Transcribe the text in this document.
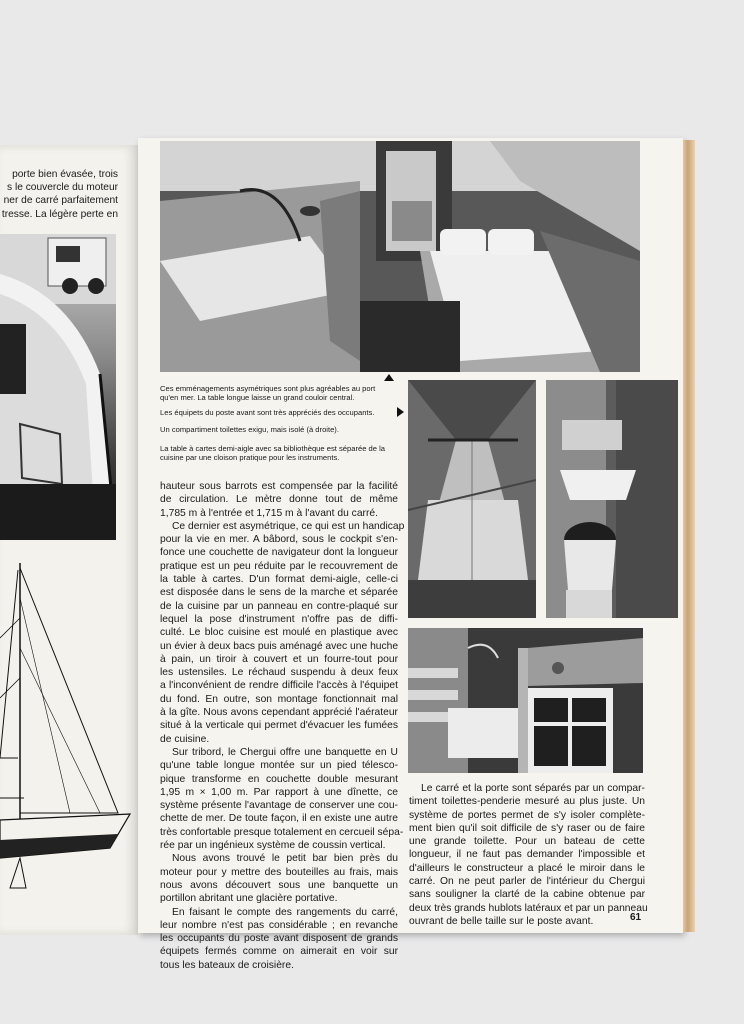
porte bien évasée, trois
s le couvercle du moteur
ner de carré parfaitement
tresse. La légère perte en
Ces emménagements asymétriques sont plus agréables au port qu'en mer. La table longue laisse un grand couloir central.
Les équipets du poste avant sont très appréciés des occupants.
Un compartiment toilettes exigu, mais isolé (à droite).
La table à cartes demi-aigle avec sa bibliothèque est séparée de la cuisine par une cloison pratique pour les instruments.

hauteur sous barrots est compensée par la facilité
de circulation. Le mètre donne tout de même
1,785 m à l'entrée et 1,715 m à l'avant du carré.

Ce dernier est asymétrique, ce qui est un handicap
pour la vie en mer. A bâbord, sous le cockpit s'en-
fonce une couchette de navigateur dont la longueur
pratique est un peu réduite par le recouvrement de
la table à cartes. D'un format demi-aigle, celle-ci
est disposée dans le sens de la marche et séparée
de la cuisine par un panneau en contre-plaqué sur
lequel la pose d'instrument n'offre pas de diffi-
culté. Le bloc cuisine est moulé en plastique avec
un évier à deux bacs puis aménagé avec une huche
à pain, un tiroir à couvert et un fourre-tout pour
les ustensiles. Le réchaud suspendu à deux feux
a l'inconvénient de rendre difficile l'accès à l'équipet
du fond. En outre, son montage fonctionnait mal
à la gîte. Nous avons cependant apprécié l'aérateur
situé à la verticale qui permet d'évacuer les fumées
de cuisine.

Sur tribord, le Chergui offre une banquette en U
qu'une table longue montée sur un pied télesco-
pique transforme en couchette double mesurant
1,95 m × 1,00 m. Par rapport à une dînette, ce
système présente l'avantage de conserver une cou-
chette de mer. De toute façon, il en existe une autre
très confortable presque totalement en cercueil sépa-
rée par un ingénieux système de coussin vertical.

Nous avons trouvé le petit bar bien près du
moteur pour y mettre des bouteilles au frais, mais
nous avons découvert sous une banquette un
portillon abritant une glacière portative.

En faisant le compte des rangements du carré,
leur nombre n'est pas considérable ; en revanche
les occupants du poste avant disposent de grands
équipets fermés comme on aimerait en voir sur
tous les bateaux de croisière.

Le carré et la porte sont séparés par un compar-
timent toilettes-penderie mesuré au plus juste. Un
système de portes permet de s'y isoler complète-
ment bien qu'il soit difficile de s'y raser ou de faire
une grande toilette. Pour un bateau de cette
longueur, il ne faut pas demander l'impossible et
d'ailleurs le constructeur a placé le miroir dans le
carré. On ne peut parler de l'intérieur du Chergui
sans souligner la clarté de la cabine obtenue par
deux très grands hublots latéraux et par un panneau
ouvrant de belle taille sur le poste avant.	61
